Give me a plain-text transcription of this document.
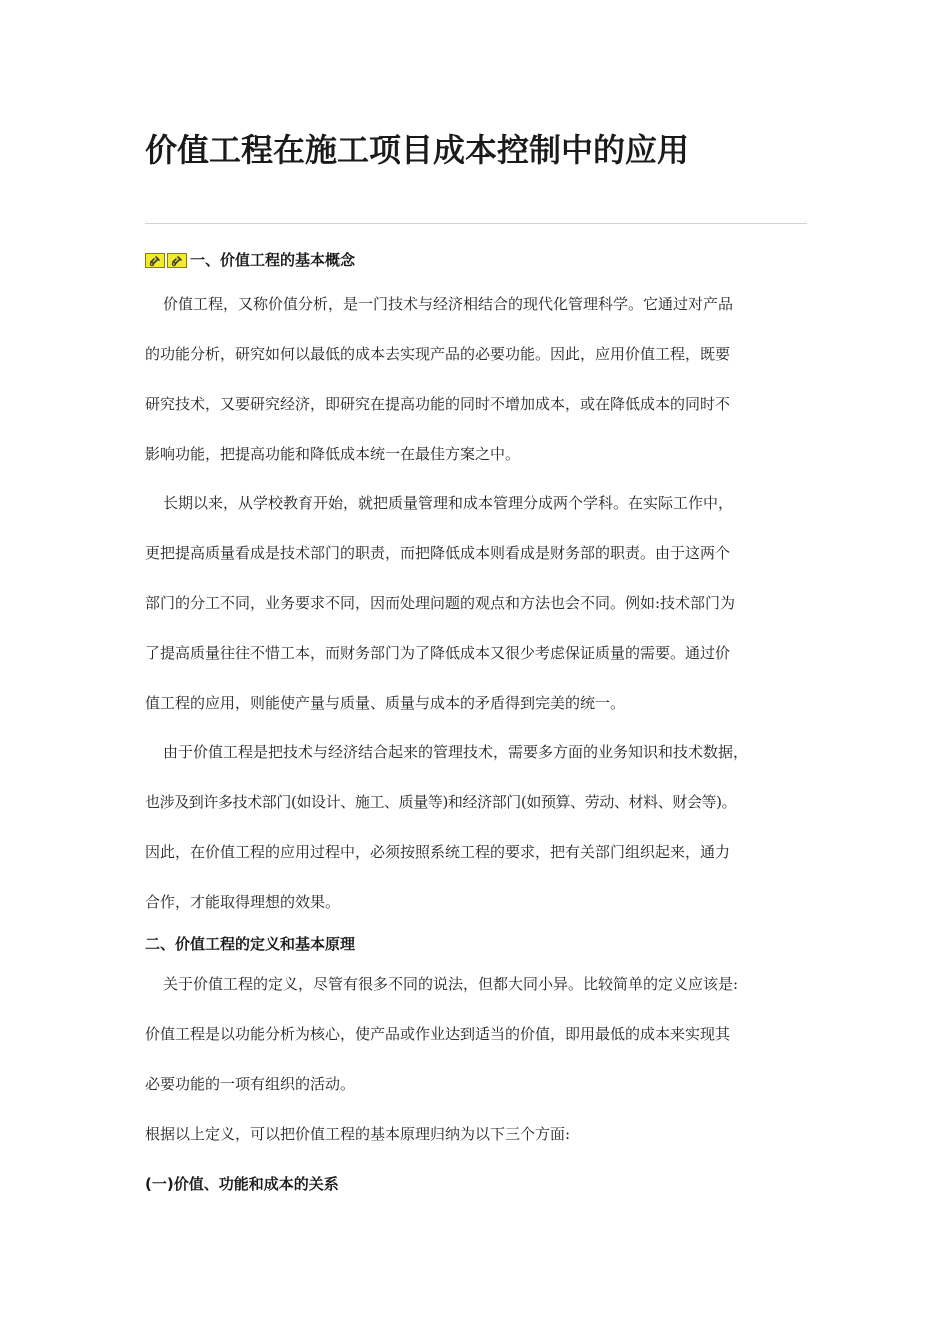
价值工程在施工项目成本控制中的应用
一、价值工程的基本概念
价值工程，又称价值分析，是一门技术与经济相结合的现代化管理科学。它通过对产品
的功能分析，研究如何以最低的成本去实现产品的必要功能。因此，应用价值工程，既要
研究技术，又要研究经济，即研究在提高功能的同时不增加成本，或在降低成本的同时不
影响功能，把提高功能和降低成本统一在最佳方案之中。
长期以来，从学校教育开始，就把质量管理和成本管理分成两个学科。在实际工作中，
更把提高质量看成是技术部门的职责，而把降低成本则看成是财务部的职责。由于这两个
部门的分工不同，业务要求不同，因而处理问题的观点和方法也会不同。例如:技术部门为
了提高质量往往不惜工本，而财务部门为了降低成本又很少考虑保证质量的需要。通过价
值工程的应用，则能使产量与质量、质量与成本的矛盾得到完美的统一。
由于价值工程是把技术与经济结合起来的管理技术，需要多方面的业务知识和技术数据，
也涉及到许多技术部门(如设计、施工、质量等)和经济部门(如预算、劳动、材料、财会等)。
因此，在价值工程的应用过程中，必须按照系统工程的要求，把有关部门组织起来，通力
合作，才能取得理想的效果。
二、价值工程的定义和基本原理
关于价值工程的定义，尽管有很多不同的说法，但都大同小异。比较简单的定义应该是:
价值工程是以功能分析为核心，使产品或作业达到适当的价值，即用最低的成本来实现其
必要功能的一项有组织的活动。
根据以上定义，可以把价值工程的基本原理归纳为以下三个方面:
(一)价值、功能和成本的关系
